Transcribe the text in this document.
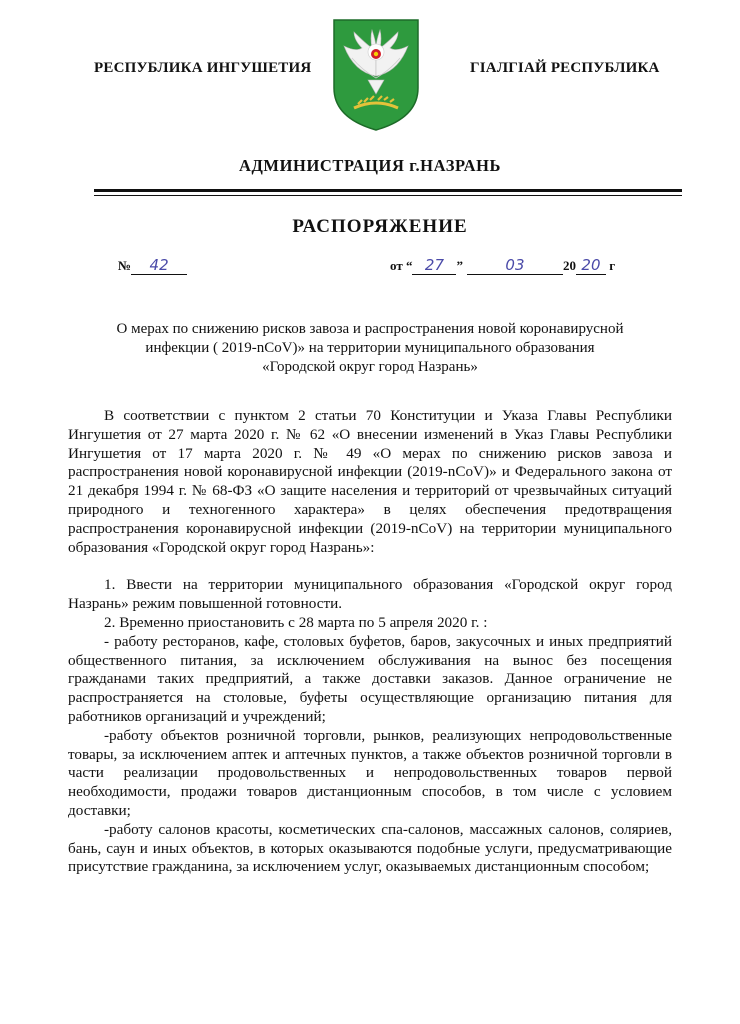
РЕСПУБЛИКА ИНГУШЕТИЯ	ГIАЛГIАЙ РЕСПУБЛИКА
АДМИНИСТРАЦИЯ г.НАЗРАНЬ
РАСПОРЯЖЕНИЕ
№ 42	от “ 27 ”	03	20 20 г
О мерах по снижению рисков завоза и распространения новой коронавирусной
инфекции ( 2019-nCoV)» на территории муниципального образования
«Городской округ город Назрань»

В соответствии с пунктом 2 статьи 70 Конституции и Указа Главы Республики Ингушетия от 27 марта 2020 г. № 62 «О внесении изменений в Указ Главы Республики Ингушетия от 17 марта 2020 г. № 49 «О мерах по снижению рисков завоза и распространения новой коронавирусной инфекции (2019-nCoV)» и Федерального закона от 21 декабря 1994 г. № 68-ФЗ «О защите населения и территорий от чрезвычайных ситуаций природного и техногенного характера» в целях обеспечения предотвращения распространения коронавирусной инфекции (2019-nCoV) на территории муниципального образования «Городской округ город Назрань»:

1. Ввести на территории муниципального образования «Городской округ город Назрань» режим повышенной готовности.

2. Временно приостановить с 28 марта по 5 апреля 2020 г. :

- работу ресторанов, кафе, столовых буфетов, баров, закусочных и иных предприятий общественного питания, за исключением обслуживания на вынос без посещения гражданами таких предприятий, а также доставки заказов. Данное ограничение не распространяется на столовые, буфеты осуществляющие организацию питания для работников организаций и учреждений;

-работу объектов розничной торговли, рынков, реализующих непродовольственные товары, за исключением аптек и аптечных пунктов, а также объектов розничной торговли в части реализации продовольственных и непродовольственных товаров первой необходимости, продажи товаров дистанционным способов, в том числе с условием доставки;

-работу салонов красоты, косметических спа-салонов, массажных салонов, соляриев, бань, саун и иных объектов, в которых оказываются подобные услуги, предусматривающие присутствие гражданина, за исключением услуг, оказываемых дистанционным способом;
